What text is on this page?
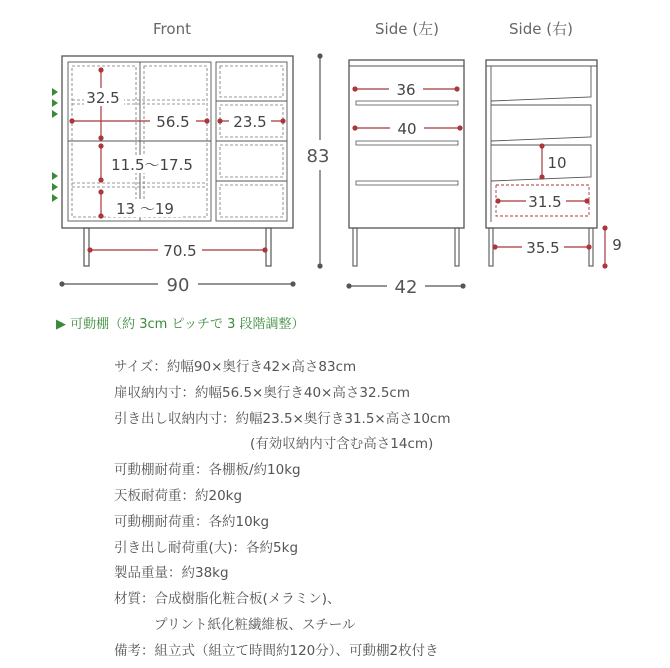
Front	Side (左)	Side (右)
32.5
56.5	23.5
11.5～17.5
13 ～19
70.5
90
83
36
40
42
10
31.5
35.5	9
▶ 可動棚（約 3cm ピッチで 3 段階調整）
サイズ：約幅90×奥行き42×高さ83cm
扉収納内寸：約幅56.5×奥行き40×高さ32.5cm
引き出し収納内寸：約幅23.5×奥行き31.5×高さ10cm
(有効収納内寸含む高さ14cm)
可動棚耐荷重：各棚板/約10kg
天板耐荷重：約20kg
可動棚耐荷重：各約10kg
引き出し耐荷重(大)：各約5kg
製品重量：約38kg
材質：合成樹脂化粧合板(メラミン)、
プリント紙化粧繊維板、スチール
備考：組立式（組立て時間約120分）、可動棚2枚付き
